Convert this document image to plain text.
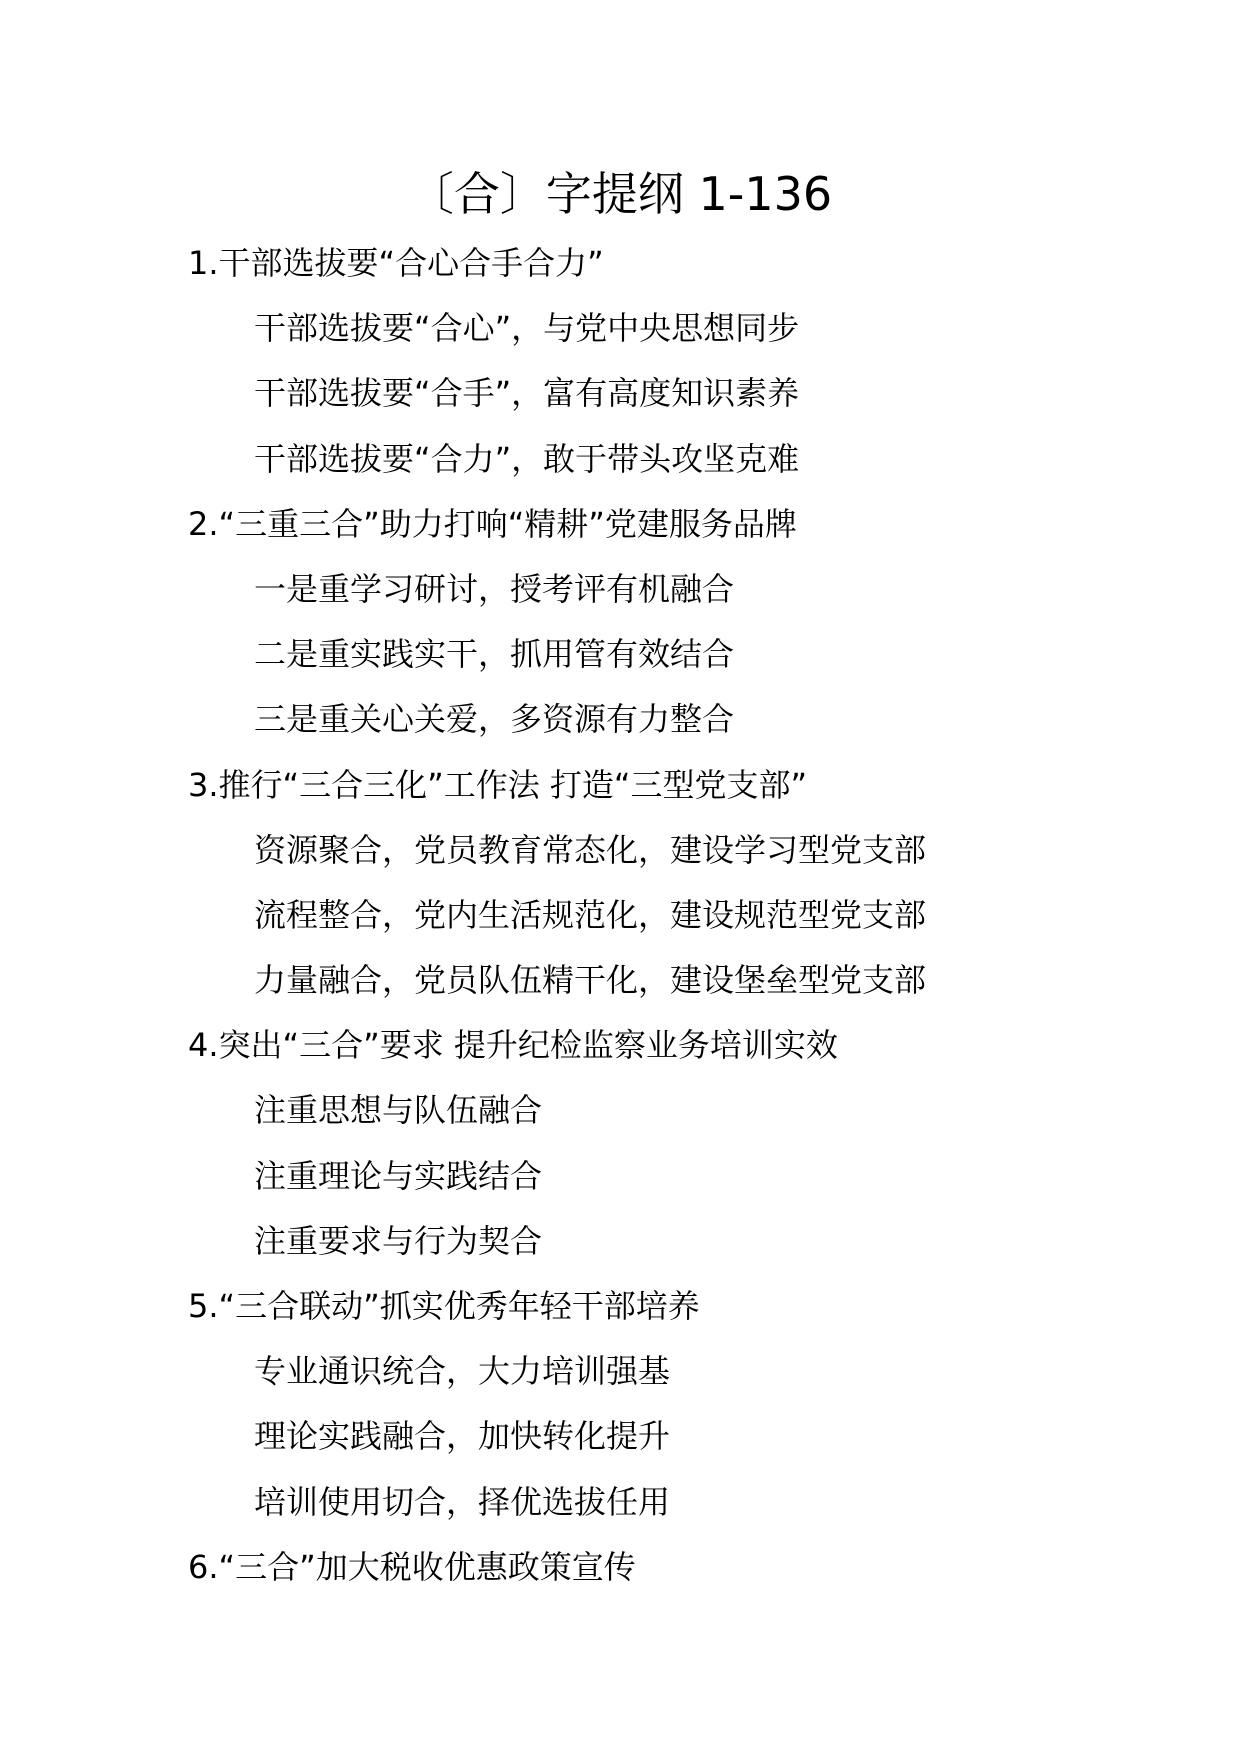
〔合〕字提纲 1-136
1.干部选拔要“合心合手合力”
干部选拔要“合心”，与党中央思想同步
干部选拔要“合手”，富有高度知识素养
干部选拔要“合力”，敢于带头攻坚克难
2.“三重三合”助力打响“精耕”党建服务品牌
一是重学习研讨，授考评有机融合
二是重实践实干，抓用管有效结合
三是重关心关爱，多资源有力整合
3.推行“三合三化”工作法 打造“三型党支部”
资源聚合，党员教育常态化，建设学习型党支部
流程整合，党内生活规范化，建设规范型党支部
力量融合，党员队伍精干化，建设堡垒型党支部
4.突出“三合”要求 提升纪检监察业务培训实效
注重思想与队伍融合
注重理论与实践结合
注重要求与行为契合
5.“三合联动”抓实优秀年轻干部培养
专业通识统合，大力培训强基
理论实践融合，加快转化提升
培训使用切合，择优选拔任用
6.“三合”加大税收优惠政策宣传
